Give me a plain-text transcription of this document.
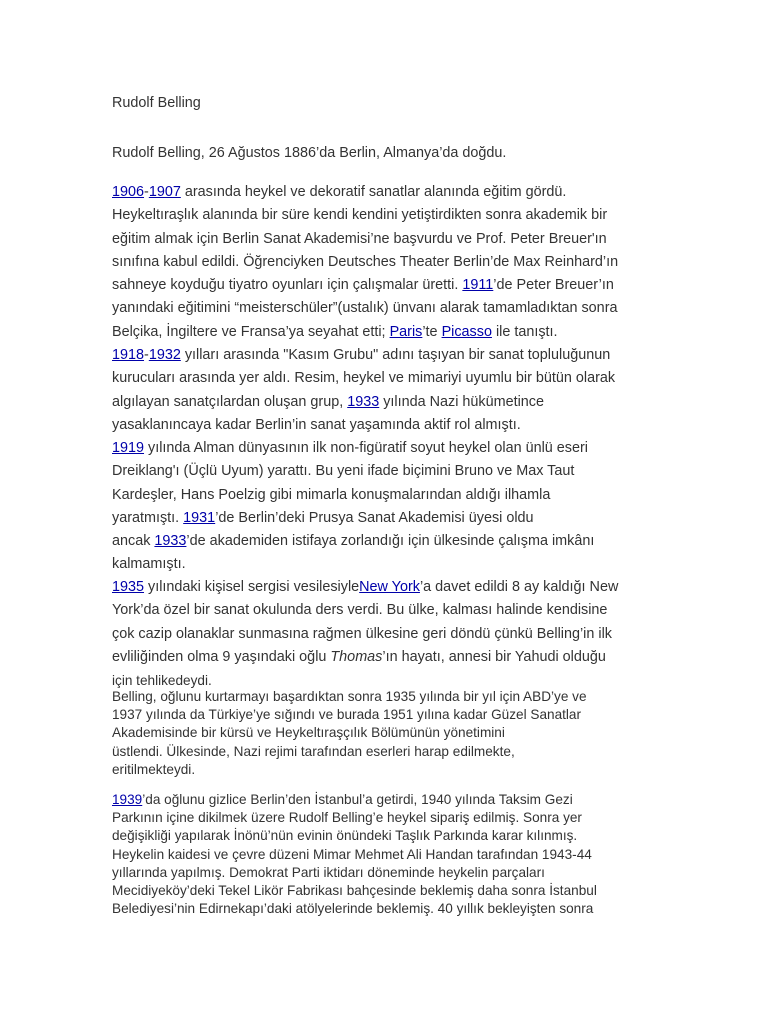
Rudolf Belling
Rudolf Belling, 26 Ağustos 1886’da Berlin, Almanya’da doğdu.
1906-1907 arasında heykel ve dekoratif sanatlar alanında eğitim gördü.
Heykeltıraşlık alanında bir süre kendi kendini yetiştirdikten sonra akademik bir
eğitim almak için Berlin Sanat Akademisi’ne başvurdu ve Prof. Peter Breuer'ın
sınıfına kabul edildi. Öğrenciyken Deutsches Theater Berlin’de Max Reinhard’ın
sahneye koyduğu tiyatro oyunları için çalışmalar üretti. 1911’de Peter Breuer’ın
yanındaki eğitimini “meisterschüler”(ustalık) ünvanı alarak tamamladıktan sonra
Belçika, İngiltere ve Fransa’ya seyahat etti; Paris’te Picasso ile tanıştı.
1918-1932 yılları arasında "Kasım Grubu" adını taşıyan bir sanat topluluğunun
kurucuları arasında yer aldı. Resim, heykel ve mimariyi uyumlu bir bütün olarak
algılayan sanatçılardan oluşan grup, 1933 yılında Nazi hükümetince
yasaklanıncaya kadar Berlin’in sanat yaşamında aktif rol almıştı.
1919 yılında Alman dünyasının ilk non-figüratif soyut heykel olan ünlü eseri
Dreiklang'ı (Üçlü Uyum) yarattı. Bu yeni ifade biçimini Bruno ve Max Taut
Kardeşler, Hans Poelzig gibi mimarla konuşmalarından aldığı ilhamla
yaratmıştı. 1931’de Berlin’deki Prusya Sanat Akademisi üyesi oldu
ancak 1933’de akademiden istifaya zorlandığı için ülkesinde çalışma imkânı
kalmamıştı.
1935 yılındaki kişisel sergisi vesilesiyleNew York’a davet edildi 8 ay kaldığı New
York’da özel bir sanat okulunda ders verdi. Bu ülke, kalması halinde kendisine
çok cazip olanaklar sunmasına rağmen ülkesine geri döndü çünkü Belling’in ilk
evliliğinden olma 9 yaşındaki oğlu Thomas’ın hayatı, annesi bir Yahudi olduğu
için tehlikedeydi.
Belling, oğlunu kurtarmayı başardıktan sonra 1935 yılında bir yıl için ABD’ye ve
1937 yılında da Türkiye’ye sığındı ve burada 1951 yılına kadar Güzel Sanatlar
Akademisinde bir kürsü ve Heykeltıraşçılık Bölümünün yönetimini
üstlendi. Ülkesinde, Nazi rejimi tarafından eserleri harap edilmekte,
eritilmekteydi.
1939’da oğlunu gizlice Berlin’den İstanbul’a getirdi, 1940 yılında Taksim Gezi
Parkının içine dikilmek üzere Rudolf Belling’e heykel sipariş edilmiş. Sonra yer
değişikliği yapılarak İnönü’nün evinin önündeki Taşlık Parkında karar kılınmış.
Heykelin kaidesi ve çevre düzeni Mimar Mehmet Ali Handan tarafından 1943-44
yıllarında yapılmış. Demokrat Parti iktidarı döneminde heykelin parçaları
Mecidiyeköy’deki Tekel Likör Fabrikası bahçesinde beklemiş daha sonra İstanbul
Belediyesi’nin Edirnekapı’daki atölyelerinde beklemiş. 40 yıllık bekleyişten sonra
